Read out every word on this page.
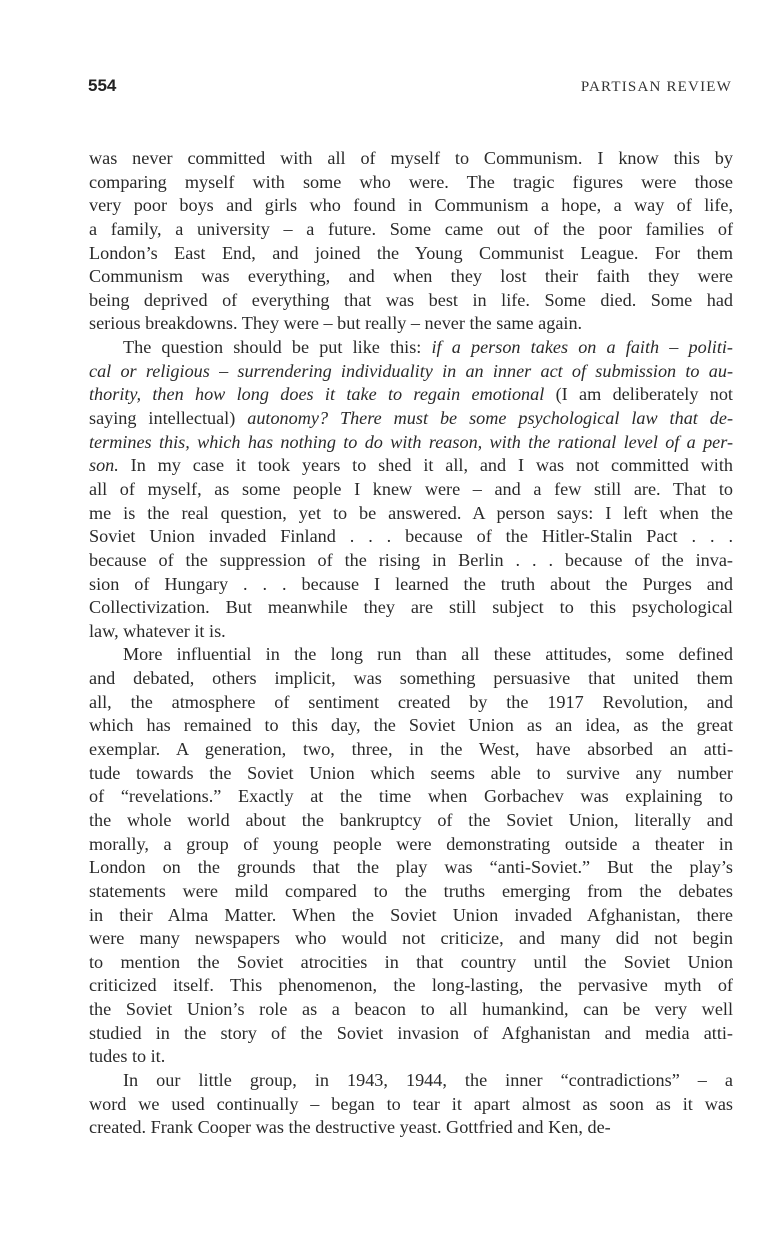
554	PARTISAN REVIEW
was never committed with all of myself to Communism. I know this by
comparing myself with some who were. The tragic figures were those
very poor boys and girls who found in Communism a hope, a way of life,
a family, a university – a future. Some came out of the poor families of
London’s East End, and joined the Young Communist League. For them
Communism was everything, and when they lost their faith they were
being deprived of everything that was best in life. Some died. Some had
serious breakdowns. They were – but really – never the same again.
The question should be put like this: if a person takes on a faith – politi-
cal or religious – surrendering individuality in an inner act of submission to au-
thority, then how long does it take to regain emotional (I am deliberately not
saying intellectual) autonomy? There must be some psychological law that de-
termines this, which has nothing to do with reason, with the rational level of a per-
son. In my case it took years to shed it all, and I was not committed with
all of myself, as some people I knew were – and a few still are. That to
me is the real question, yet to be answered. A person says: I left when the
Soviet Union invaded Finland . . . because of the Hitler-Stalin Pact . . .
because of the suppression of the rising in Berlin . . . because of the inva-
sion of Hungary . . . because I learned the truth about the Purges and
Collectivization. But meanwhile they are still subject to this psychological
law, whatever it is.
More influential in the long run than all these attitudes, some defined
and debated, others implicit, was something persuasive that united them
all, the atmosphere of sentiment created by the 1917 Revolution, and
which has remained to this day, the Soviet Union as an idea, as the great
exemplar. A generation, two, three, in the West, have absorbed an atti-
tude towards the Soviet Union which seems able to survive any number
of “revelations.” Exactly at the time when Gorbachev was explaining to
the whole world about the bankruptcy of the Soviet Union, literally and
morally, a group of young people were demonstrating outside a theater in
London on the grounds that the play was “anti-Soviet.” But the play’s
statements were mild compared to the truths emerging from the debates
in their Alma Matter. When the Soviet Union invaded Afghanistan, there
were many newspapers who would not criticize, and many did not begin
to mention the Soviet atrocities in that country until the Soviet Union
criticized itself. This phenomenon, the long-lasting, the pervasive myth of
the Soviet Union’s role as a beacon to all humankind, can be very well
studied in the story of the Soviet invasion of Afghanistan and media atti-
tudes to it.
In our little group, in 1943, 1944, the inner “contradictions” – a
word we used continually – began to tear it apart almost as soon as it was
created. Frank Cooper was the destructive yeast. Gottfried and Ken, de-
